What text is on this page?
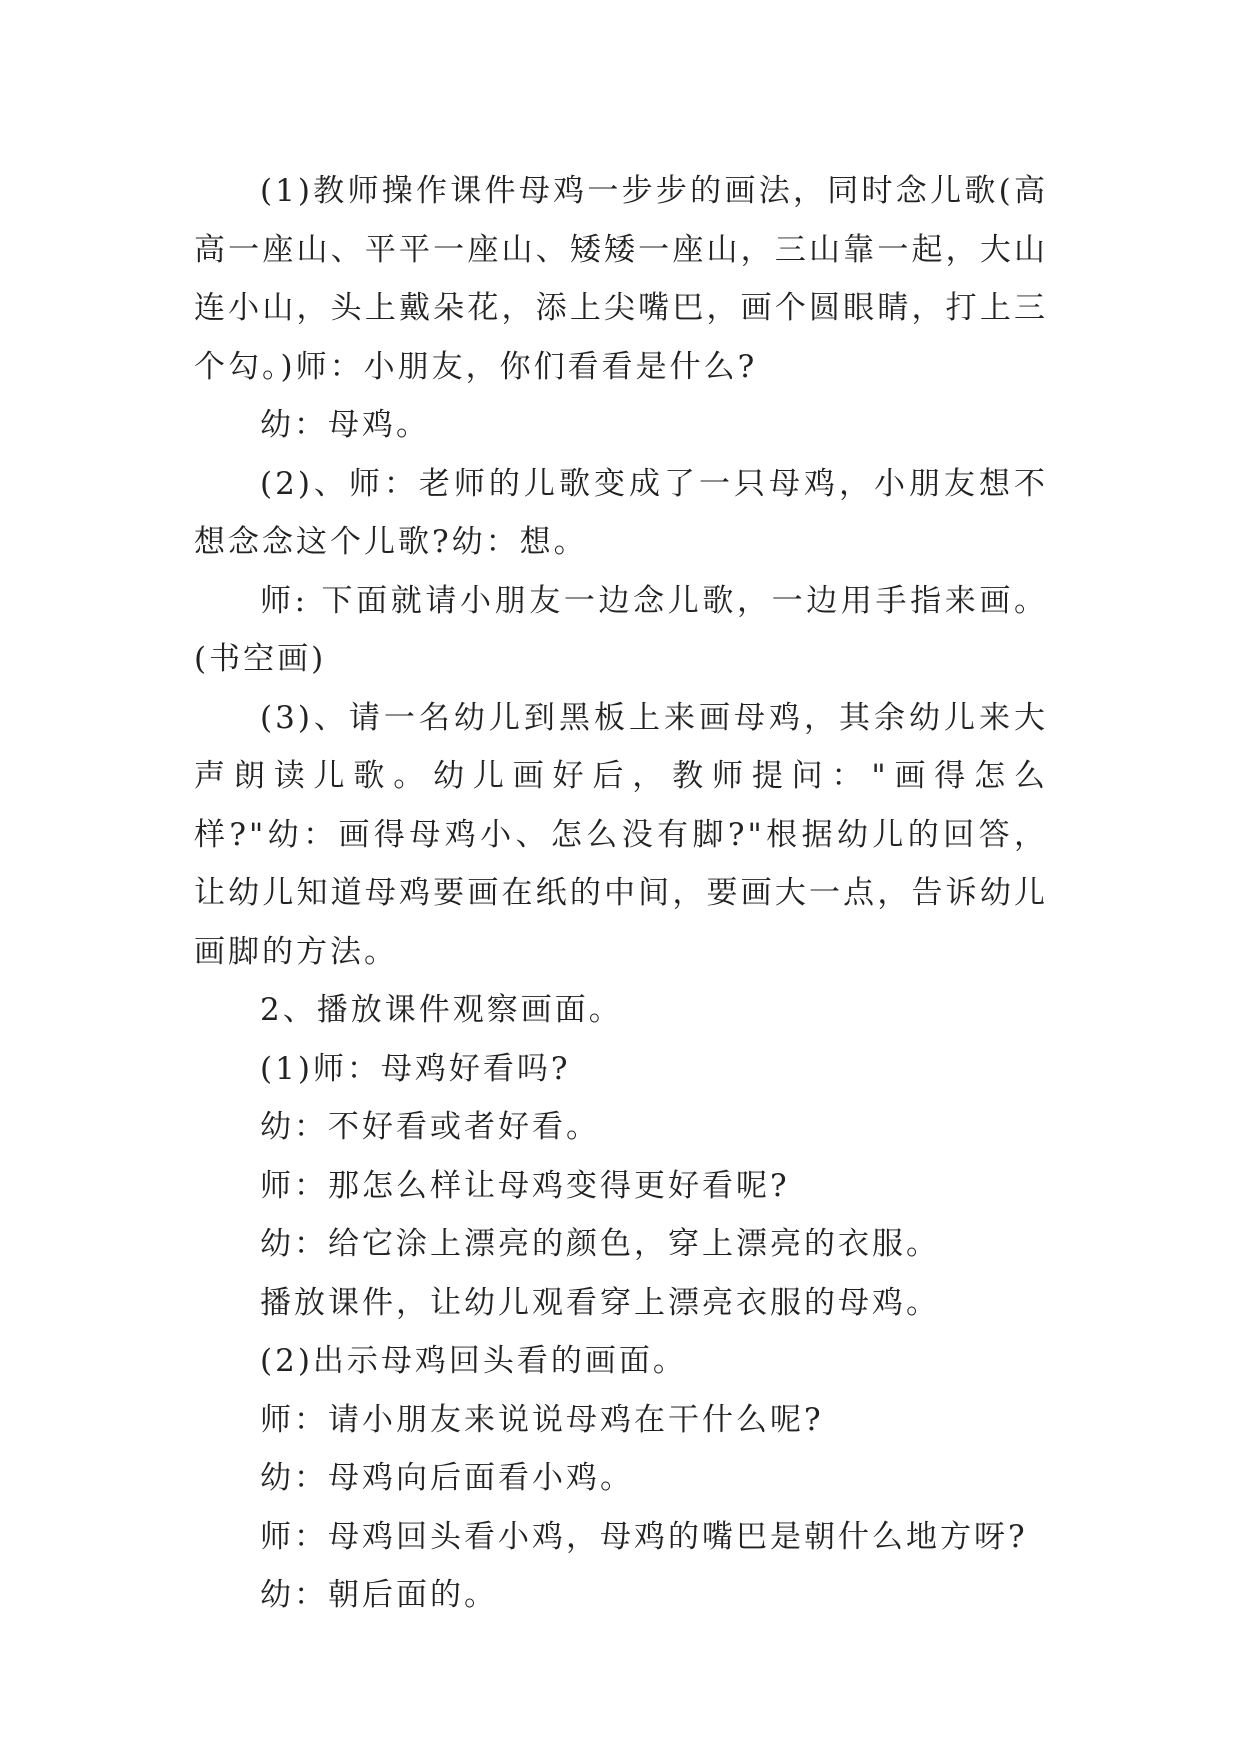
(1)教师操作课件母鸡一步步的画法，同时念儿歌(高高一座山、平平一座山、矮矮一座山，三山靠一起，大山连小山，头上戴朵花，添上尖嘴巴，画个圆眼睛，打上三个勾。)师：小朋友，你们看看是什么?

幼：母鸡。

(2)、师：老师的儿歌变成了一只母鸡，小朋友想不想念念这个儿歌?幼：想。

师: 下面就请小朋友一边念儿歌，一边用手指来画。(书空画)

(3)、请一名幼儿到黑板上来画母鸡，其余幼儿来大声朗读儿歌。幼儿画好后，教师提问："画得怎么样?"幼：画得母鸡小、怎么没有脚?"根据幼儿的回答，让幼儿知道母鸡要画在纸的中间，要画大一点，告诉幼儿画脚的方法。

2、播放课件观察画面。

(1)师：母鸡好看吗?

幼：不好看或者好看。

师：那怎么样让母鸡变得更好看呢?

幼：给它涂上漂亮的颜色，穿上漂亮的衣服。

播放课件，让幼儿观看穿上漂亮衣服的母鸡。

(2)出示母鸡回头看的画面。

师：请小朋友来说说母鸡在干什么呢?

幼：母鸡向后面看小鸡。

师：母鸡回头看小鸡，母鸡的嘴巴是朝什么地方呀?

幼：朝后面的。
